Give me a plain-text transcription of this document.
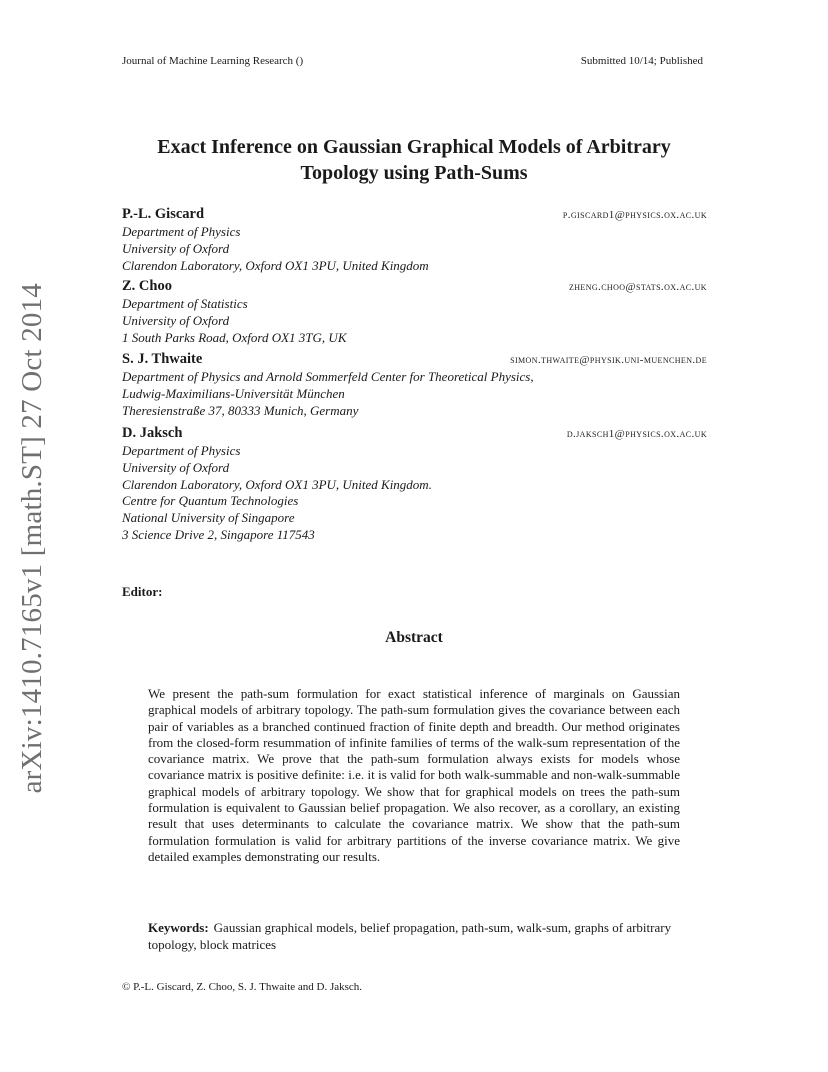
Journal of Machine Learning Research ()	Submitted 10/14; Published
arXiv:1410.7165v1 [math.ST] 27 Oct 2014
Exact Inference on Gaussian Graphical Models of Arbitrary
Topology using Path-Sums
P.-L. Giscard	p.giscard1@physics.ox.ac.uk
Department of Physics
University of Oxford
Clarendon Laboratory, Oxford OX1 3PU, United Kingdom
Z. Choo	zheng.choo@stats.ox.ac.uk
Department of Statistics
University of Oxford
1 South Parks Road, Oxford OX1 3TG, UK
S. J. Thwaite	simon.thwaite@physik.uni-muenchen.de
Department of Physics and Arnold Sommerfeld Center for Theoretical Physics,
Ludwig-Maximilians-Universität München
Theresienstraße 37, 80333 Munich, Germany
D. Jaksch	d.jaksch1@physics.ox.ac.uk
Department of Physics
University of Oxford
Clarendon Laboratory, Oxford OX1 3PU, United Kingdom.
Centre for Quantum Technologies
National University of Singapore
3 Science Drive 2, Singapore 117543
Editor:
Abstract
We present the path-sum formulation for exact statistical inference of marginals on Gaussian graphical models of arbitrary topology. The path-sum formulation gives the covariance between each pair of variables as a branched continued fraction of finite depth and breadth. Our method originates from the closed-form resummation of infinite families of terms of the walk-sum representation of the covariance matrix. We prove that the path-sum formulation always exists for models whose covariance matrix is positive definite: i.e. it is valid for both walk-summable and non-walk-summable graphical models of arbitrary topology. We show that for graphical models on trees the path-sum formulation is equivalent to Gaussian belief propagation. We also recover, as a corollary, an existing result that uses determinants to calculate the covariance matrix. We show that the path-sum formulation formulation is valid for arbitrary partitions of the inverse covariance matrix. We give detailed examples demonstrating our results.
Keywords: Gaussian graphical models, belief propagation, path-sum, walk-sum, graphs of arbitrary topology, block matrices
© P.-L. Giscard, Z. Choo, S. J. Thwaite and D. Jaksch.
